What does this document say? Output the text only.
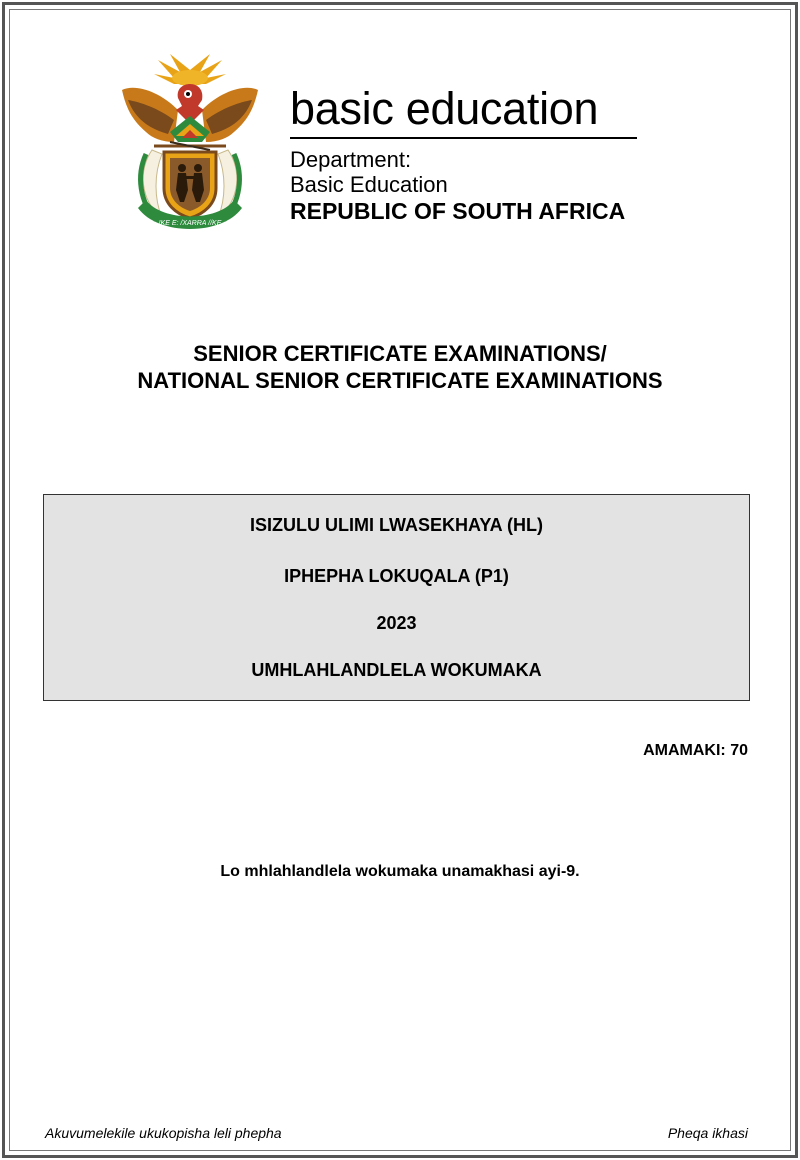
!KE E: /XARRA //KE
basic education
Department:
Basic Education
REPUBLIC OF SOUTH AFRICA
SENIOR CERTIFICATE EXAMINATIONS/
NATIONAL SENIOR CERTIFICATE EXAMINATIONS
ISIZULU ULIMI LWASEKHAYA (HL)
IPHEPHA LOKUQALA (P1)
2023
UMHLAHLANDLELA WOKUMAKA
AMAMAKI: 70
Lo mhlahlandlela wokumaka unamakhasi ayi-9.
Akuvumelekile ukukopisha leli phepha	Pheqa ikhasi
